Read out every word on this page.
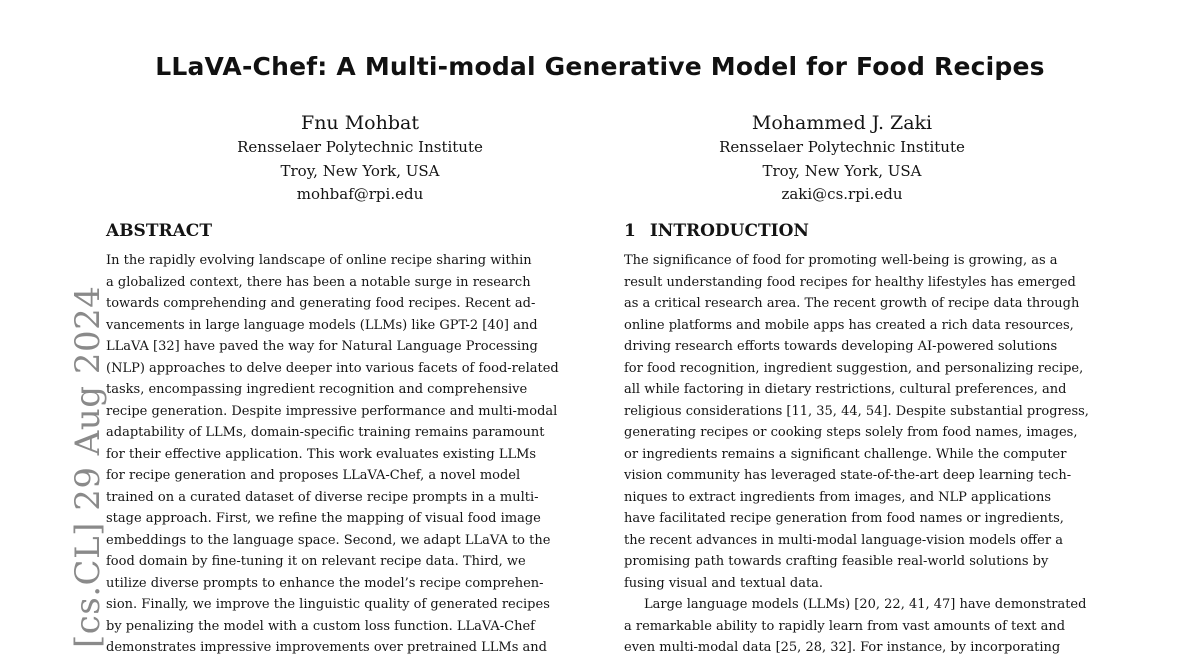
[cs.CL] 29 Aug 2024
LLaVA-Chef: A Multi-modal Generative Model for Food Recipes
Fnu Mohbat
Rensselaer Polytechnic Institute
Troy, New York, USA
mohbaf@rpi.edu
Mohammed J. Zaki
Rensselaer Polytechnic Institute
Troy, New York, USA
zaki@cs.rpi.edu
ABSTRACT	1 INTRODUCTION
In the rapidly evolving landscape of online recipe sharing within
a globalized context, there has been a notable surge in research
towards comprehending and generating food recipes. Recent ad-
vancements in large language models (LLMs) like GPT-2 [40] and
LLaVA [32] have paved the way for Natural Language Processing
(NLP) approaches to delve deeper into various facets of food-related
tasks, encompassing ingredient recognition and comprehensive
recipe generation. Despite impressive performance and multi-modal
adaptability of LLMs, domain-specific training remains paramount
for their effective application. This work evaluates existing LLMs
for recipe generation and proposes LLaVA-Chef, a novel model
trained on a curated dataset of diverse recipe prompts in a multi-
stage approach. First, we refine the mapping of visual food image
embeddings to the language space. Second, we adapt LLaVA to the
food domain by fine-tuning it on relevant recipe data. Third, we
utilize diverse prompts to enhance the model’s recipe comprehen-
sion. Finally, we improve the linguistic quality of generated recipes
by penalizing the model with a custom loss function. LLaVA-Chef
demonstrates impressive improvements over pretrained LLMs and
The significance of food for promoting well-being is growing, as a
result understanding food recipes for healthy lifestyles has emerged
as a critical research area. The recent growth of recipe data through
online platforms and mobile apps has created a rich data resources,
driving research efforts towards developing AI-powered solutions
for food recognition, ingredient suggestion, and personalizing recipe,
all while factoring in dietary restrictions, cultural preferences, and
religious considerations [11, 35, 44, 54]. Despite substantial progress,
generating recipes or cooking steps solely from food names, images,
or ingredients remains a significant challenge. While the computer
vision community has leveraged state-of-the-art deep learning tech-
niques to extract ingredients from images, and NLP applications
have facilitated recipe generation from food names or ingredients,
the recent advances in multi-modal language-vision models offer a
promising path towards crafting feasible real-world solutions by
fusing visual and textual data.
Large language models (LLMs) [20, 22, 41, 47] have demonstrated
a remarkable ability to rapidly learn from vast amounts of text and
even multi-modal data [25, 28, 32]. For instance, by incorporating
